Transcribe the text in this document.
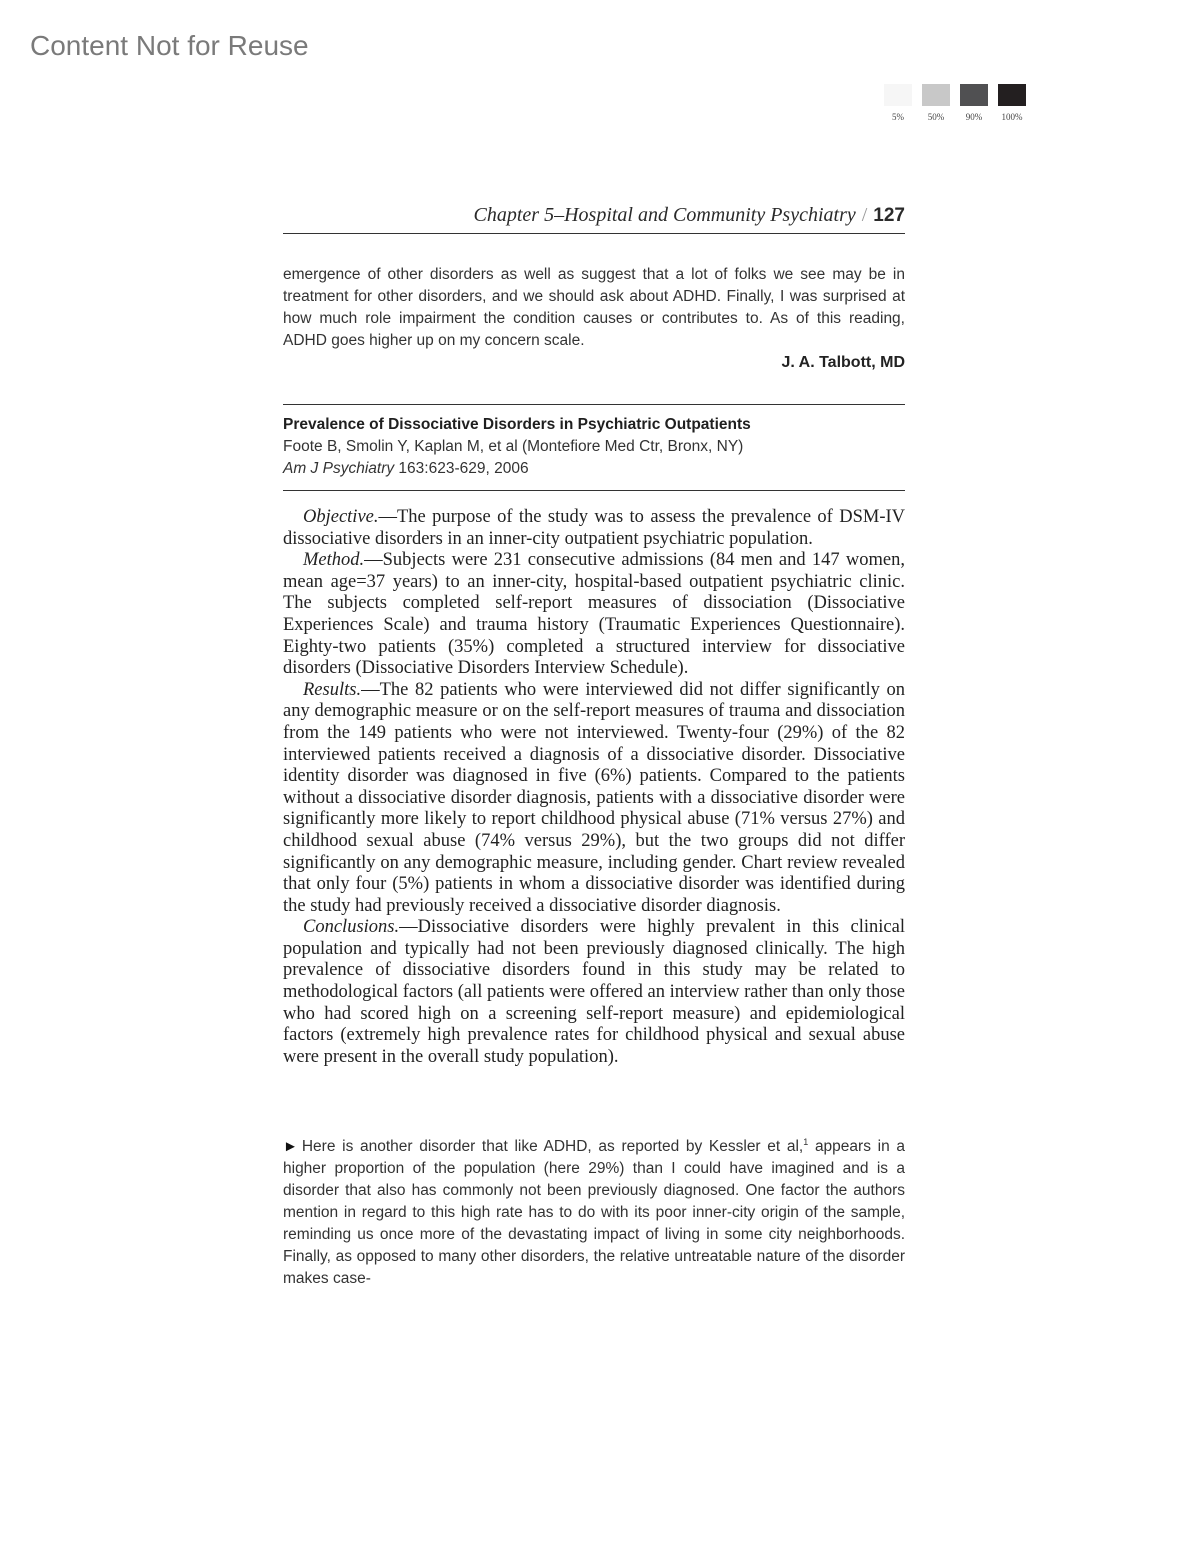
Content Not for Reuse
5%	50%	90%	100%
Chapter 5–Hospital and Community Psychiatry / 127
emergence of other disorders as well as suggest that a lot of folks we see may be in treatment for other disorders, and we should ask about ADHD. Finally, I was surprised at how much role impairment the condition causes or contributes to. As of this reading, ADHD goes higher up on my concern scale.
J. A. Talbott, MD
Prevalence of Dissociative Disorders in Psychiatric Outpatients
Foote B, Smolin Y, Kaplan M, et al (Montefiore Med Ctr, Bronx, NY)
Am J Psychiatry 163:623-629, 2006

Objective.—The purpose of the study was to assess the prevalence of DSM-IV dissociative disorders in an inner-city outpatient psychiatric population.

Method.—Subjects were 231 consecutive admissions (84 men and 147 women, mean age=37 years) to an inner-city, hospital-based outpatient psychiatric clinic. The subjects completed self-report measures of dissociation (Dissociative Experiences Scale) and trauma history (Traumatic Experiences Questionnaire). Eighty-two patients (35%) completed a structured interview for dissociative disorders (Dissociative Disorders Interview Schedule).

Results.—The 82 patients who were interviewed did not differ significantly on any demographic measure or on the self-report measures of trauma and dissociation from the 149 patients who were not interviewed. Twenty-four (29%) of the 82 interviewed patients received a diagnosis of a dissociative disorder. Dissociative identity disorder was diagnosed in five (6%) patients. Compared to the patients without a dissociative disorder diagnosis, patients with a dissociative disorder were significantly more likely to report childhood physical abuse (71% versus 27%) and childhood sexual abuse (74% versus 29%), but the two groups did not differ significantly on any demographic measure, including gender. Chart review revealed that only four (5%) patients in whom a dissociative disorder was identified during the study had previously received a dissociative disorder diagnosis.

Conclusions.—Dissociative disorders were highly prevalent in this clinical population and typically had not been previously diagnosed clinically. The high prevalence of dissociative disorders found in this study may be related to methodological factors (all patients were offered an interview rather than only those who had scored high on a screening self-report measure) and epidemiological factors (extremely high prevalence rates for childhood physical and sexual abuse were present in the overall study population).

► Here is another disorder that like ADHD, as reported by Kessler et al,$^1$ appears in a higher proportion of the population (here 29%) than I could have imagined and is a disorder that also has commonly not been previously diagnosed. One factor the authors mention in regard to this high rate has to do with its poor inner-city origin of the sample, reminding us once more of the devastating impact of living in some city neighborhoods. Finally, as opposed to many other disorders, the relative untreatable nature of the disorder makes case-
